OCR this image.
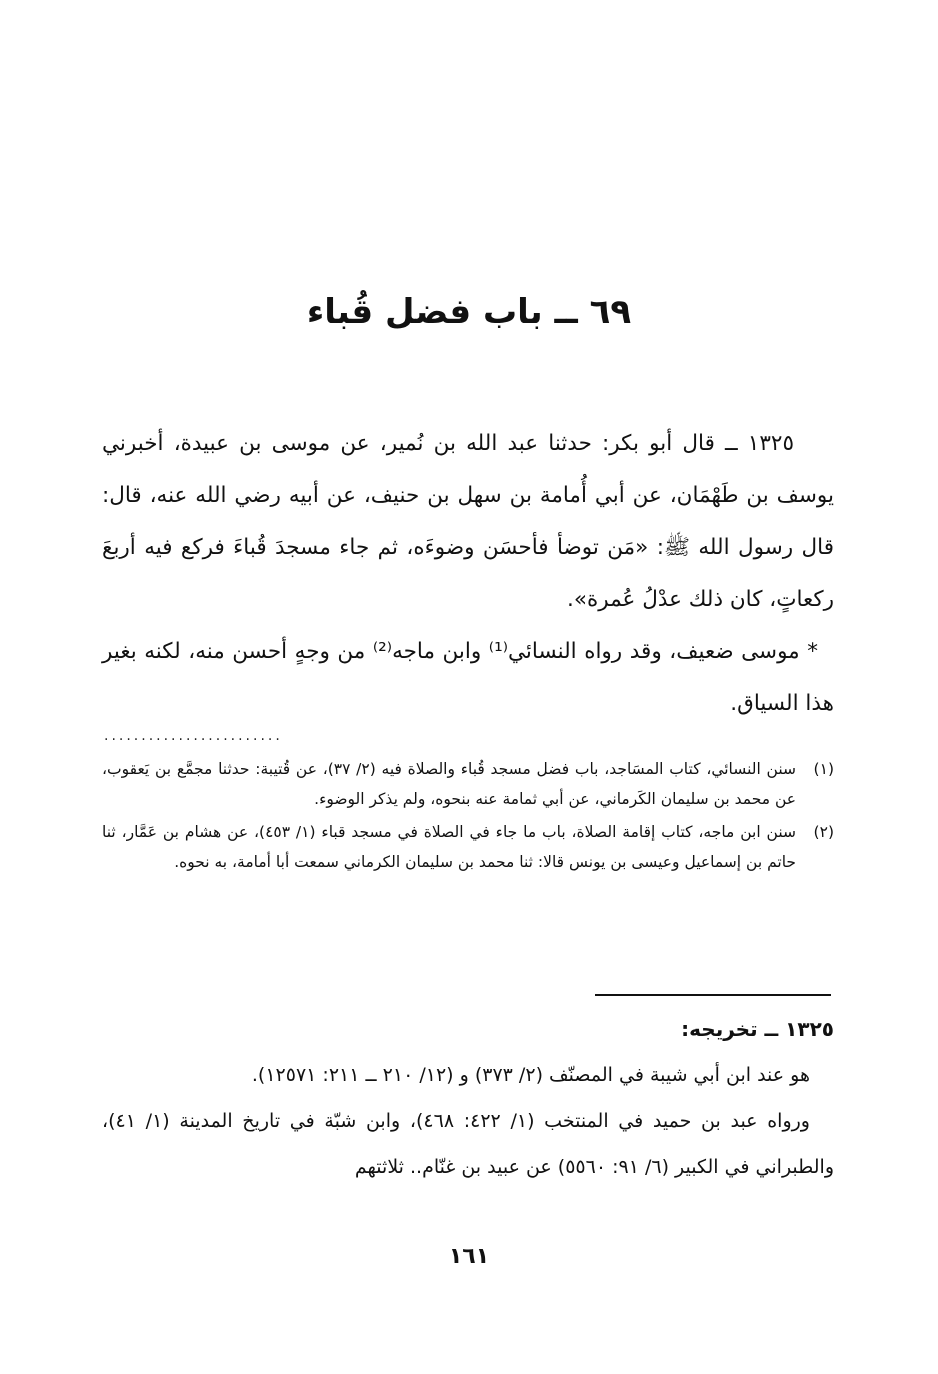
٦٩ ــ باب فضل قُباء

١٣٢٥ ــ قال أبو بكر: حدثنا عبد الله بن نُمير، عن موسى بن عبيدة، أخبرني يوسف بن طَهْمَان، عن أبي أُمامة بن سهل بن حنيف، عن أبيه رضي الله عنه، قال: قال رسول الله ﷺ: «مَن توضأ فأحسَن وضوءَه، ثم جاء مسجدَ قُباءَ فركع فيه أربعَ ركعاتٍ، كان ذلك عدْلُ عُمرة».

* موسى ضعيف، وقد رواه النسائي⁽¹⁾ وابن ماجه⁽²⁾ من وجهٍ أحسن منه، لكنه بغير هذا السياق.

........................
(١)
سنن النسائي، كتاب المسَاجد، باب فضل مسجد قُباء والصلاة فيه (٢/ ٣٧)، عن قُتيبة: حدثنا مجمَّع بن يَعقوب، عن محمد بن سليمان الكَرماني، عن أبي ثمامة عنه بنحوه، ولم يذكر الوضوء.
(٢)
سنن ابن ماجه، كتاب إقامة الصلاة، باب ما جاء في الصلاة في مسجد قباء (١/ ٤٥٣)، عن هشام بن عَمَّار، ثنا حاتم بن إسماعيل وعيسى بن يونس قالا: ثنا محمد بن سليمان الكرماني سمعت أبا أمامة، به نحوه.

١٣٢٥ ــ تخريجه:

هو عند ابن أبي شيبة في المصنّف (٢/ ٣٧٣) و (١٢/ ٢١٠ ــ ٢١١: ١٢٥٧١).

ورواه عبد بن حميد في المنتخب (١/ ٤٢٢: ٤٦٨)، وابن شبّة في تاريخ المدينة (١/ ٤١)، والطبراني في الكبير (٦/ ٩١: ٥٥٦٠) عن عبيد بن غنّام.. ثلاثتهم

١٦١
